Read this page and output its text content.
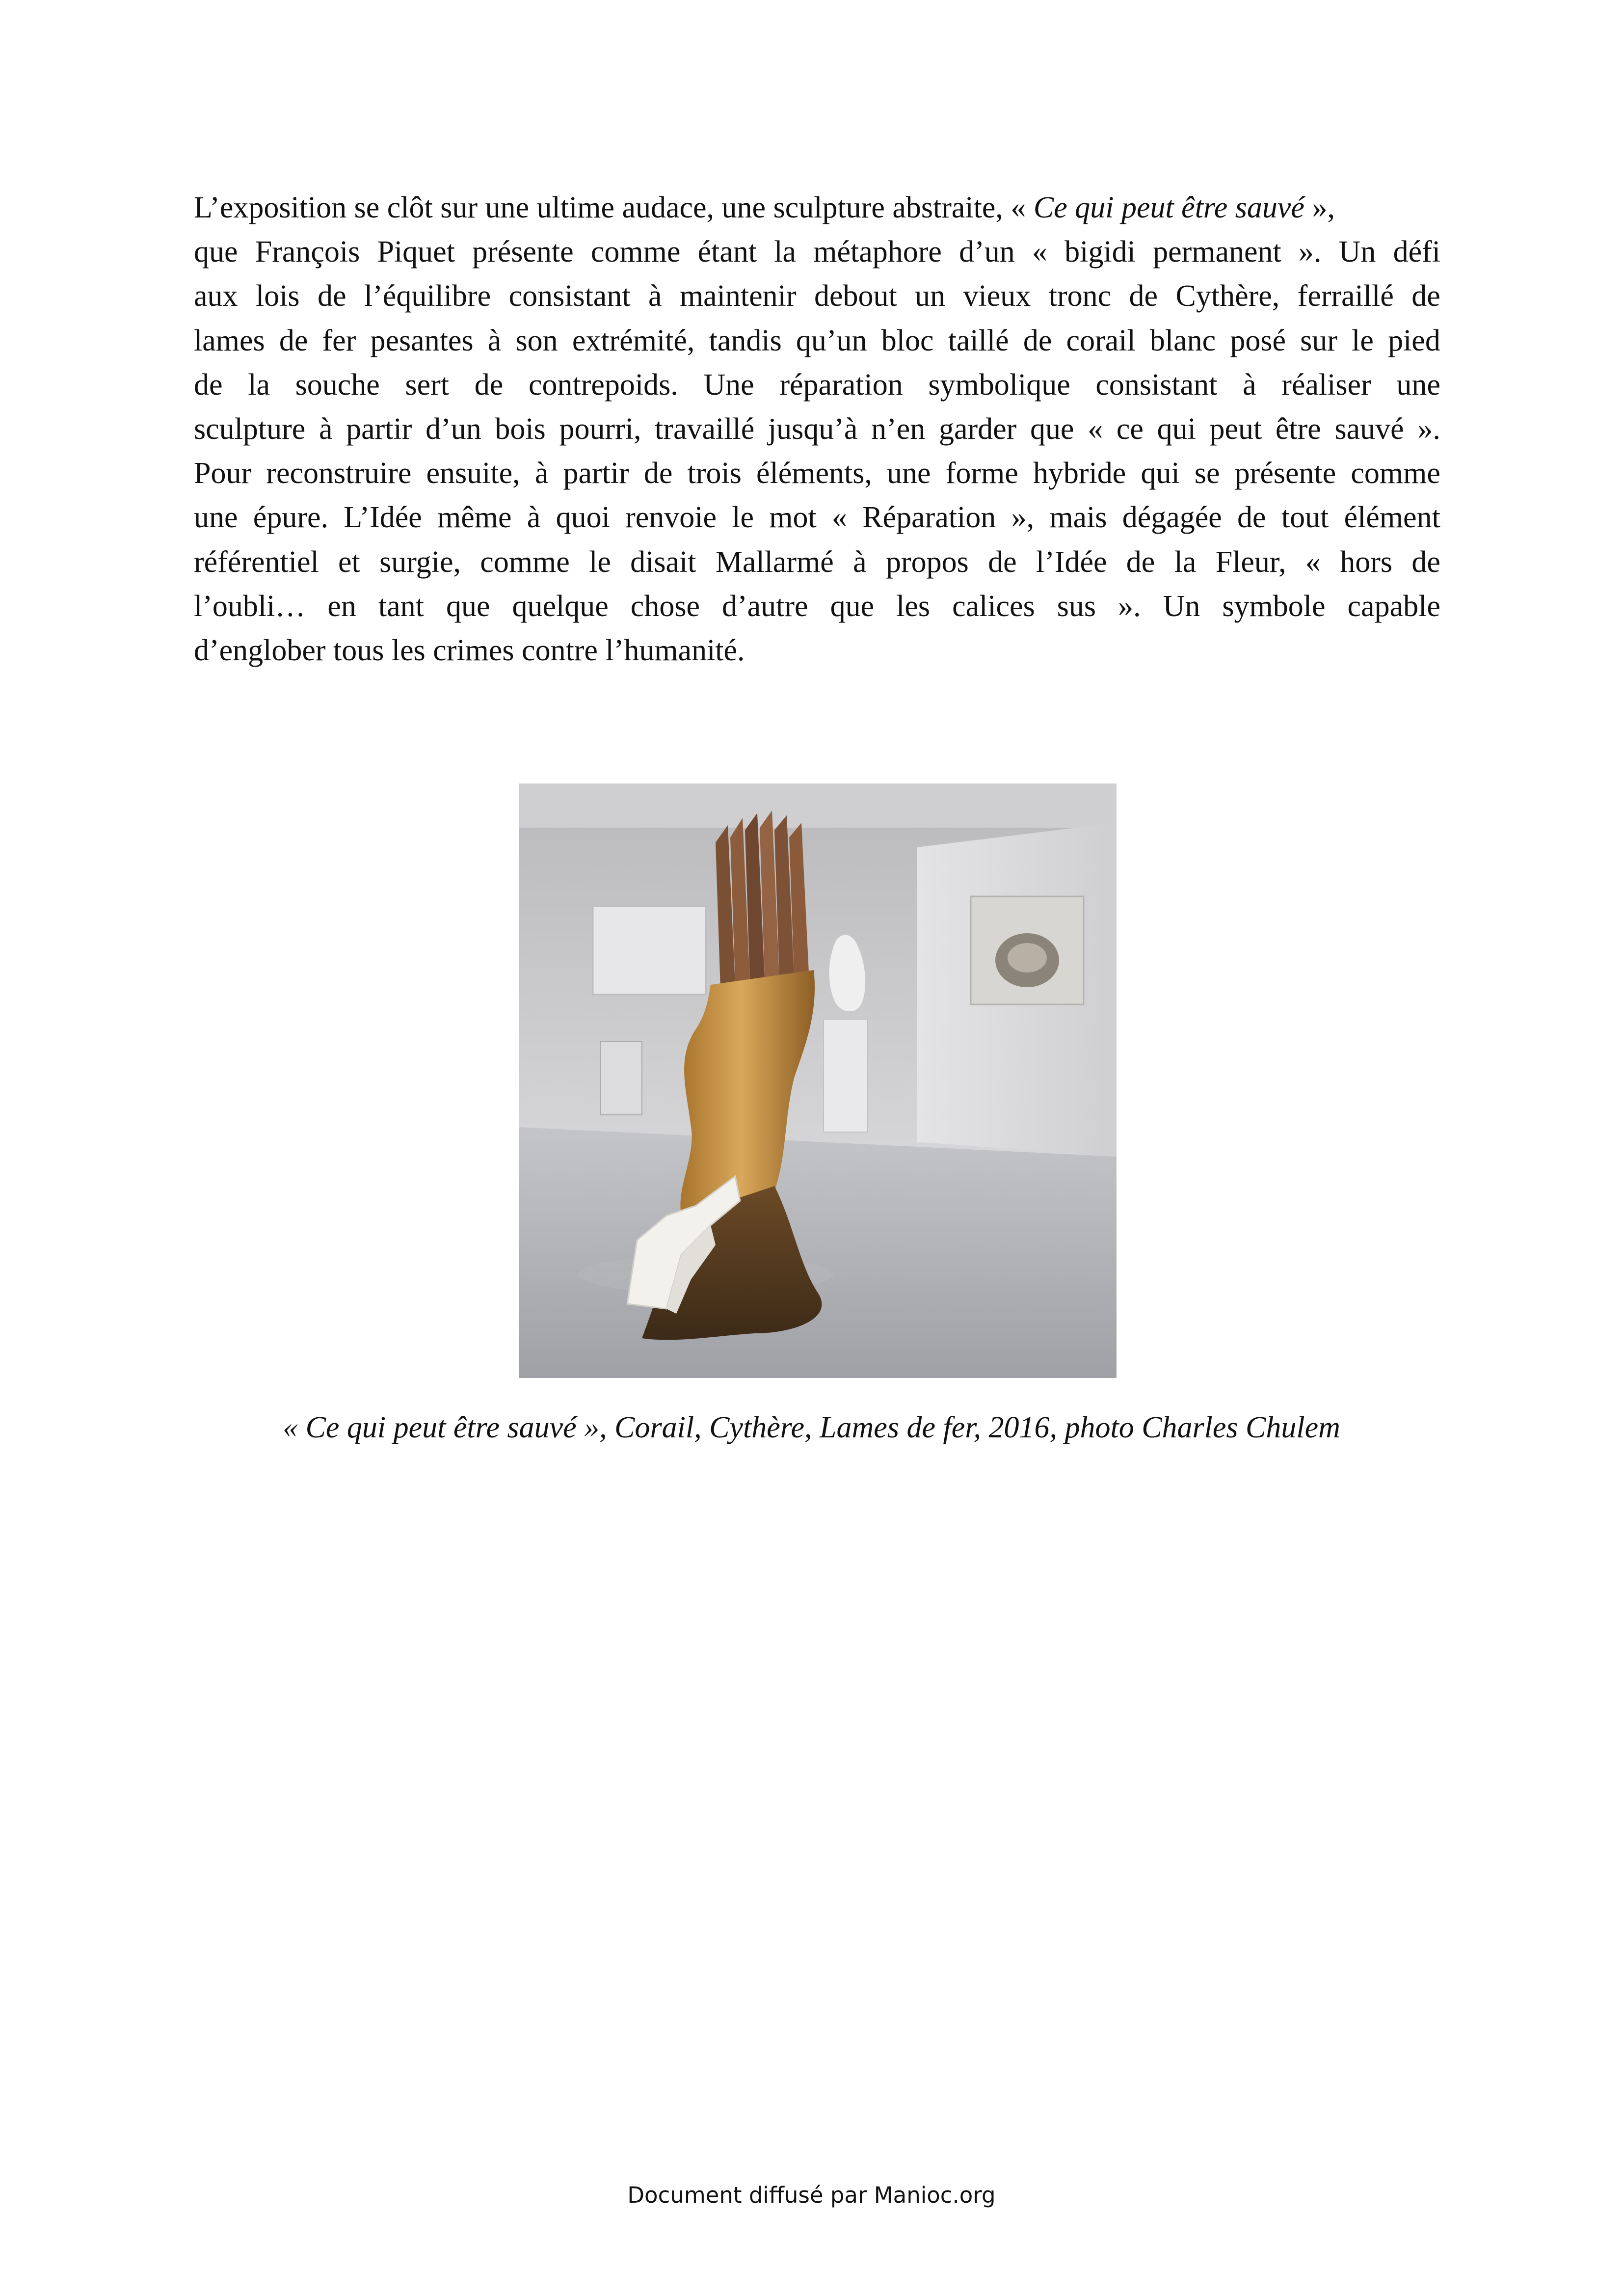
L’exposition se clôt sur une ultime audace, une sculpture abstraite, « Ce qui peut être sauvé »,
que François Piquet présente comme étant la métaphore d’un « bigidi permanent ». Un défi
aux lois de l’équilibre consistant à maintenir debout un vieux tronc de Cythère, ferraillé de
lames de fer pesantes à son extrémité, tandis qu’un bloc taillé de corail blanc posé sur le pied
de la souche sert de contrepoids. Une réparation symbolique consistant à réaliser une
sculpture à partir d’un bois pourri, travaillé jusqu’à n’en garder que « ce qui peut être sauvé ».
Pour reconstruire ensuite, à partir de trois éléments, une forme hybride qui se présente comme
une épure. L’Idée même à quoi renvoie le mot « Réparation », mais dégagée de tout élément
référentiel et surgie, comme le disait Mallarmé à propos de l’Idée de la Fleur, « hors de
l’oubli… en tant que quelque chose d’autre que les calices sus ». Un symbole capable
d’englober tous les crimes contre l’humanité.
« Ce qui peut être sauvé », Corail, Cythère, Lames de fer, 2016, photo Charles Chulem
Document diffusé par Manioc.org
